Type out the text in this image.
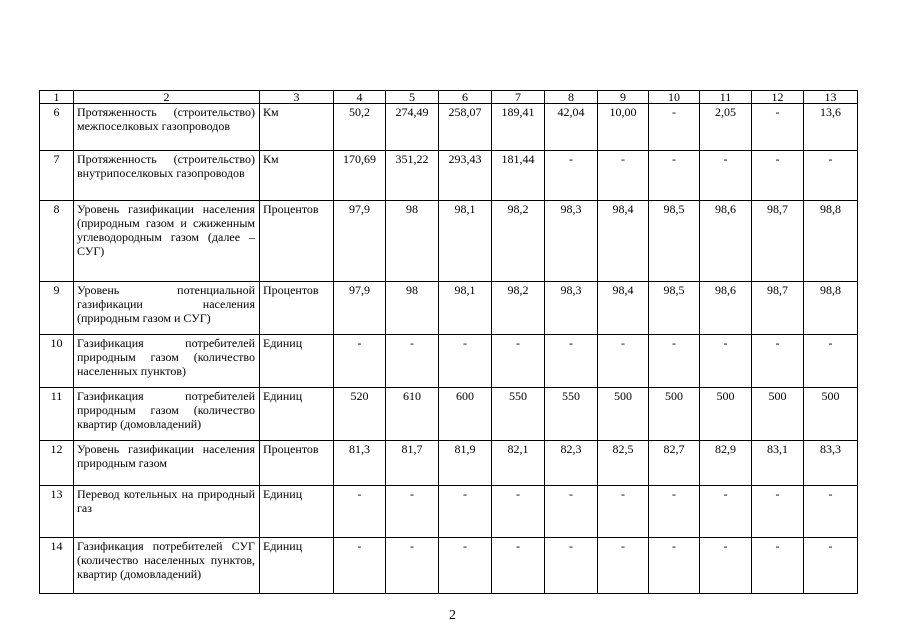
1	2	3	4	5	6	7	8	9	10	11	12	13
6	Протяженность (строительство) межпоселковых газопроводов	Км	50,2	274,49	258,07	189,41	42,04	10,00	-	2,05	-	13,6
7	Протяженность (строительство) внутрипоселковых газопроводов	Км	170,69	351,22	293,43	181,44	-	-	-	-	-	-
8	Уровень газификации населения (природным газом и сжиженным углеводородным газом (далее – СУГ)	Процентов	97,9	98	98,1	98,2	98,3	98,4	98,5	98,6	98,7	98,8
9	Уровень потенциальной газификации населения (природным газом и СУГ)	Процентов	97,9	98	98,1	98,2	98,3	98,4	98,5	98,6	98,7	98,8
10	Газификация потребителей природным газом (количество населенных пунктов)	Единиц	-	-	-	-	-	-	-	-	-	-
11	Газификация потребителей природным газом (количество квартир (домовладений)	Единиц	520	610	600	550	550	500	500	500	500	500
12	Уровень газификации населения природным газом	Процентов	81,3	81,7	81,9	82,1	82,3	82,5	82,7	82,9	83,1	83,3
13	Перевод котельных на природный газ	Единиц	-	-	-	-	-	-	-	-	-	-
14	Газификация потребителей СУГ (количество населенных пунктов, квартир (домовладений)	Единиц	-	-	-	-	-	-	-	-	-	-
2
